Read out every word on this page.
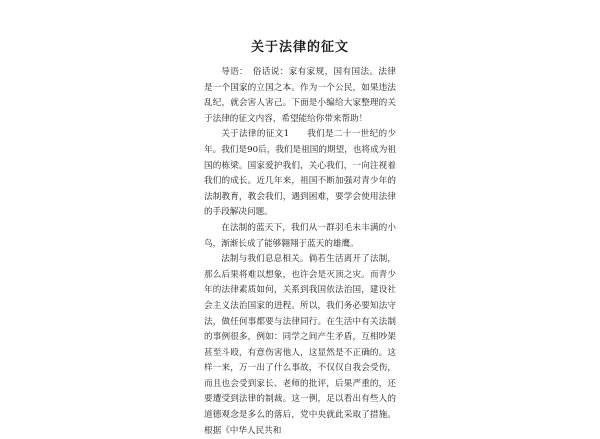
关于法律的征文

导语：　俗话说：家有家规，国有国法。法律是一个国家的立国之本。作为一个公民，如果违法乱纪，就会害人害己。下面是小编给大家整理的关于法律的征文内容，希望能给你带来帮助！

关于法律的征文1　　我们是二十一世纪的少年。我们是90后，我们是祖国的期望，也将成为祖国的栋梁。国家爱护我们，关心我们，一向注视着我们的成长。近几年来，祖国不断加强对青少年的法制教育，教会我们，遇到困难，要学会使用法律的手段解决问题。

在法制的蓝天下，我们从一群羽毛未丰满的小鸟，渐渐长成了能够翱翔于蓝天的雄鹰。

法制与我们息息相关。倘若生活离开了法制，那么后果将难以想象，也许会是灭顶之灾。而青少年的法律素质如何，关系到我国依法治国，建设社会主义法治国家的进程。所以，我们务必要知法守法，做任何事都要与法律同行。在生活中有关法制的事例很多，例如：同学之间产生矛盾，互相吵架甚至斗殴，有意伤害他人，这显然是不正确的。这样一来，万一出了什么事故，不仅仅自我会受伤，而且也会受到家长、老师的批评，后果严重的，还要遭受到法律的制裁。这一例，足以看出有些人的道德观念是多么的落后，党中央就此采取了措施。根据《中华人民共和
